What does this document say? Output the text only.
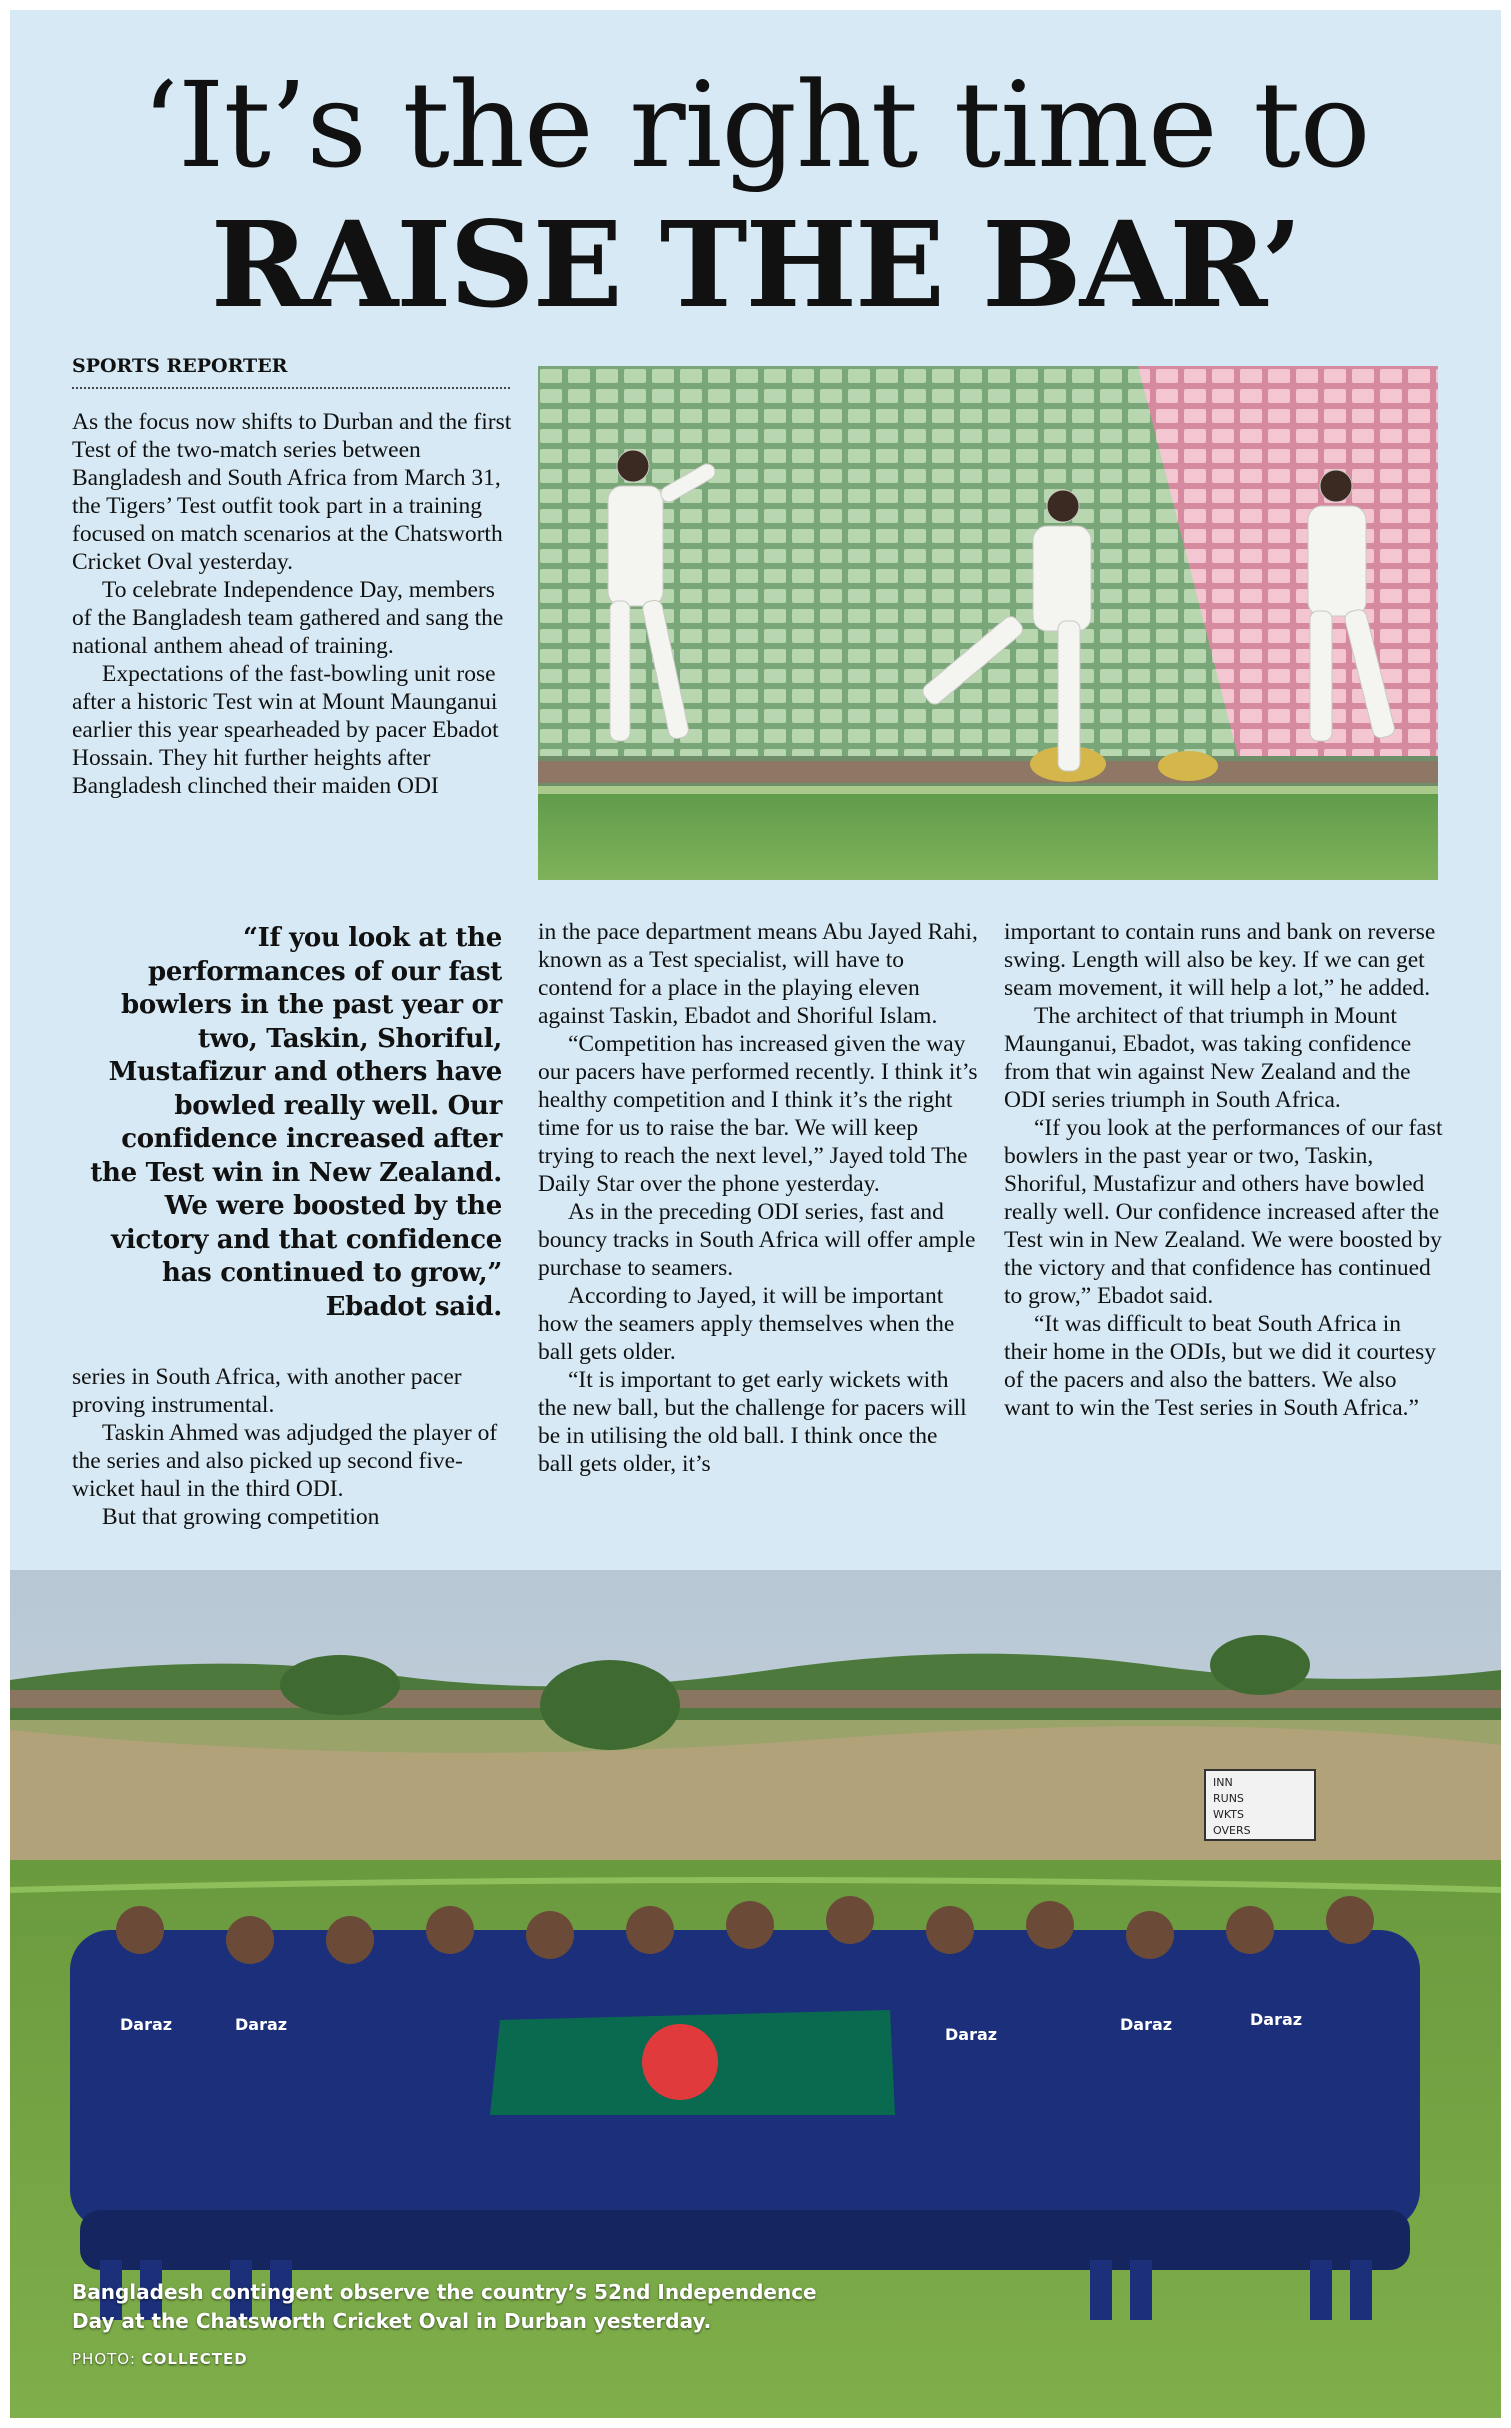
‘It’s the right time to
RAISE THE BAR’
SPORTS REPORTER

As the focus now shifts to Durban and the first Test of the two-match series between Bangladesh and South Africa from March 31, the Tigers’ Test outfit took part in a training focused on match scenarios at the Chatsworth Cricket Oval yesterday.

To celebrate Independence Day, members of the Bangladesh team gathered and sang the national anthem ahead of training.

Expectations of the fast-bowling unit rose after a historic Test win at Mount Maunganui earlier this year spearheaded by pacer Ebadot Hossain. They hit further heights after Bangladesh clinched their maiden ODI

“If you look at the performances of our fast bowlers in the past year or two, Taskin, Shoriful, Mustafizur and others have bowled really well. Our confidence increased after the Test win in New Zealand. We were boosted by the victory and that confidence has continued to grow,” Ebadot said.

series in South Africa, with another pacer proving instrumental.

Taskin Ahmed was adjudged the player of the series and also picked up second five-wicket haul in the third ODI.

But that growing competition

in the pace department means Abu Jayed Rahi, known as a Test specialist, will have to contend for a place in the playing eleven against Taskin, Ebadot and Shoriful Islam.

“Competition has increased given the way our pacers have performed recently. I think it’s healthy competition and I think it’s the right time for us to raise the bar. We will keep trying to reach the next level,” Jayed told The Daily Star over the phone yesterday.

As in the preceding ODI series, fast and bouncy tracks in South Africa will offer ample purchase to seamers.

According to Jayed, it will be important how the seamers apply themselves when the ball gets older.

“It is important to get early wickets with the new ball, but the challenge for pacers will be in utilising the old ball. I think once the ball gets older, it’s

important to contain runs and bank on reverse swing. Length will also be key. If we can get seam movement, it will help a lot,” he added.

The architect of that triumph in Mount Maunganui, Ebadot, was taking confidence from that win against New Zealand and the ODI series triumph in South Africa.

“If you look at the performances of our fast bowlers in the past year or two, Taskin, Shoriful, Mustafizur and others have bowled really well. Our confidence increased after the Test win in New Zealand. We were boosted by the victory and that confidence has continued to grow,” Ebadot said.

“It was difficult to beat South Africa in their home in the ODIs, but we did it courtesy of the pacers and also the batters. We also want to win the Test series in South Africa.”

INN
RUNS
WKTS
OVERS
Daraz	Daraz
Daraz
Daraz	Daraz
Bangladesh contingent observe the country’s 52nd Independence Day at the Chatsworth Cricket Oval in Durban yesterday.
PHOTO: COLLECTED
